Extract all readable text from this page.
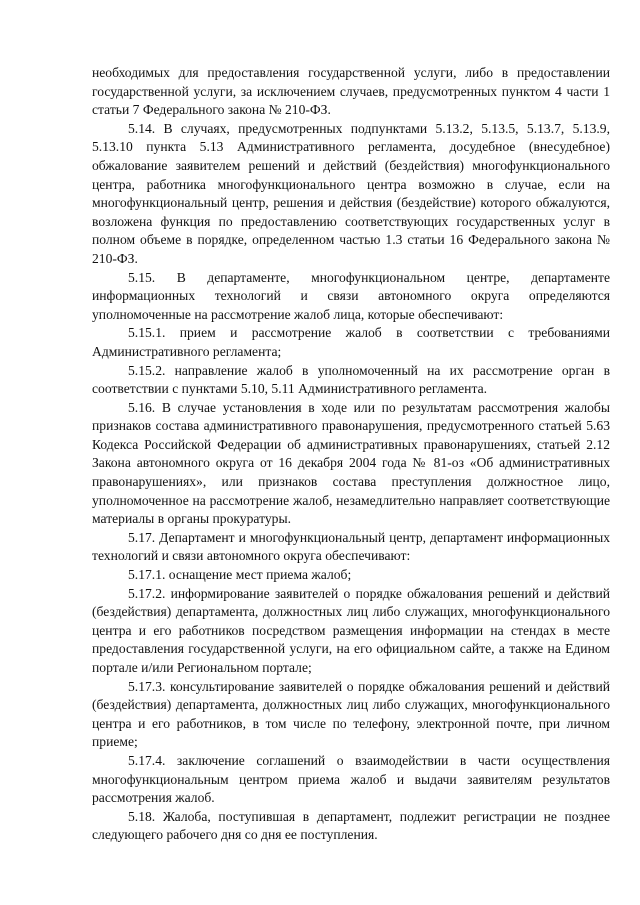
необходимых для предоставления государственной услуги, либо в предоставлении государственной услуги, за исключением случаев, предусмотренных пунктом 4 части 1 статьи 7 Федерального закона № 210-ФЗ.

5.14. В случаях, предусмотренных подпунктами 5.13.2, 5.13.5, 5.13.7, 5.13.9, 5.13.10 пункта 5.13 Административного регламента, досудебное (внесудебное) обжалование заявителем решений и действий (бездействия) многофункционального центра, работника многофункционального центра возможно в случае, если на многофункциональный центр, решения и действия (бездействие) которого обжалуются, возложена функция по предоставлению соответствующих государственных услуг в полном объеме в порядке, определенном частью 1.3 статьи 16 Федерального закона № 210-ФЗ.

5.15. В департаменте, многофункциональном центре, департаменте информационных технологий и связи автономного округа определяются уполномоченные на рассмотрение жалоб лица, которые обеспечивают:

5.15.1. прием и рассмотрение жалоб в соответствии с требованиями Административного регламента;

5.15.2. направление жалоб в уполномоченный на их рассмотрение орган в соответствии с пунктами 5.10, 5.11 Административного регламента.

5.16. В случае установления в ходе или по результатам рассмотрения жалобы признаков состава административного правонарушения, предусмотренного статьей 5.63 Кодекса Российской Федерации об административных правонарушениях, статьей 2.12 Закона автономного округа от 16 декабря 2004 года № 81-оз «Об административных правонарушениях», или признаков состава преступления должностное лицо, уполномоченное на рассмотрение жалоб, незамедлительно направляет соответствующие материалы в органы прокуратуры.

5.17. Департамент и многофункциональный центр, департамент информационных технологий и связи автономного округа обеспечивают:

5.17.1. оснащение мест приема жалоб;

5.17.2. информирование заявителей о порядке обжалования решений и действий (бездействия) департамента, должностных лиц либо служащих, многофункционального центра и его работников посредством размещения информации на стендах в месте предоставления государственной услуги, на его официальном сайте, а также на Едином портале и/или Региональном портале;

5.17.3. консультирование заявителей о порядке обжалования решений и действий (бездействия) департамента, должностных лиц либо служащих, многофункционального центра и его работников, в том числе по телефону, электронной почте, при личном приеме;

5.17.4. заключение соглашений о взаимодействии в части осуществления многофункциональным центром приема жалоб и выдачи заявителям результатов рассмотрения жалоб.

5.18. Жалоба, поступившая в департамент, подлежит регистрации не позднее следующего рабочего дня со дня ее поступления.
